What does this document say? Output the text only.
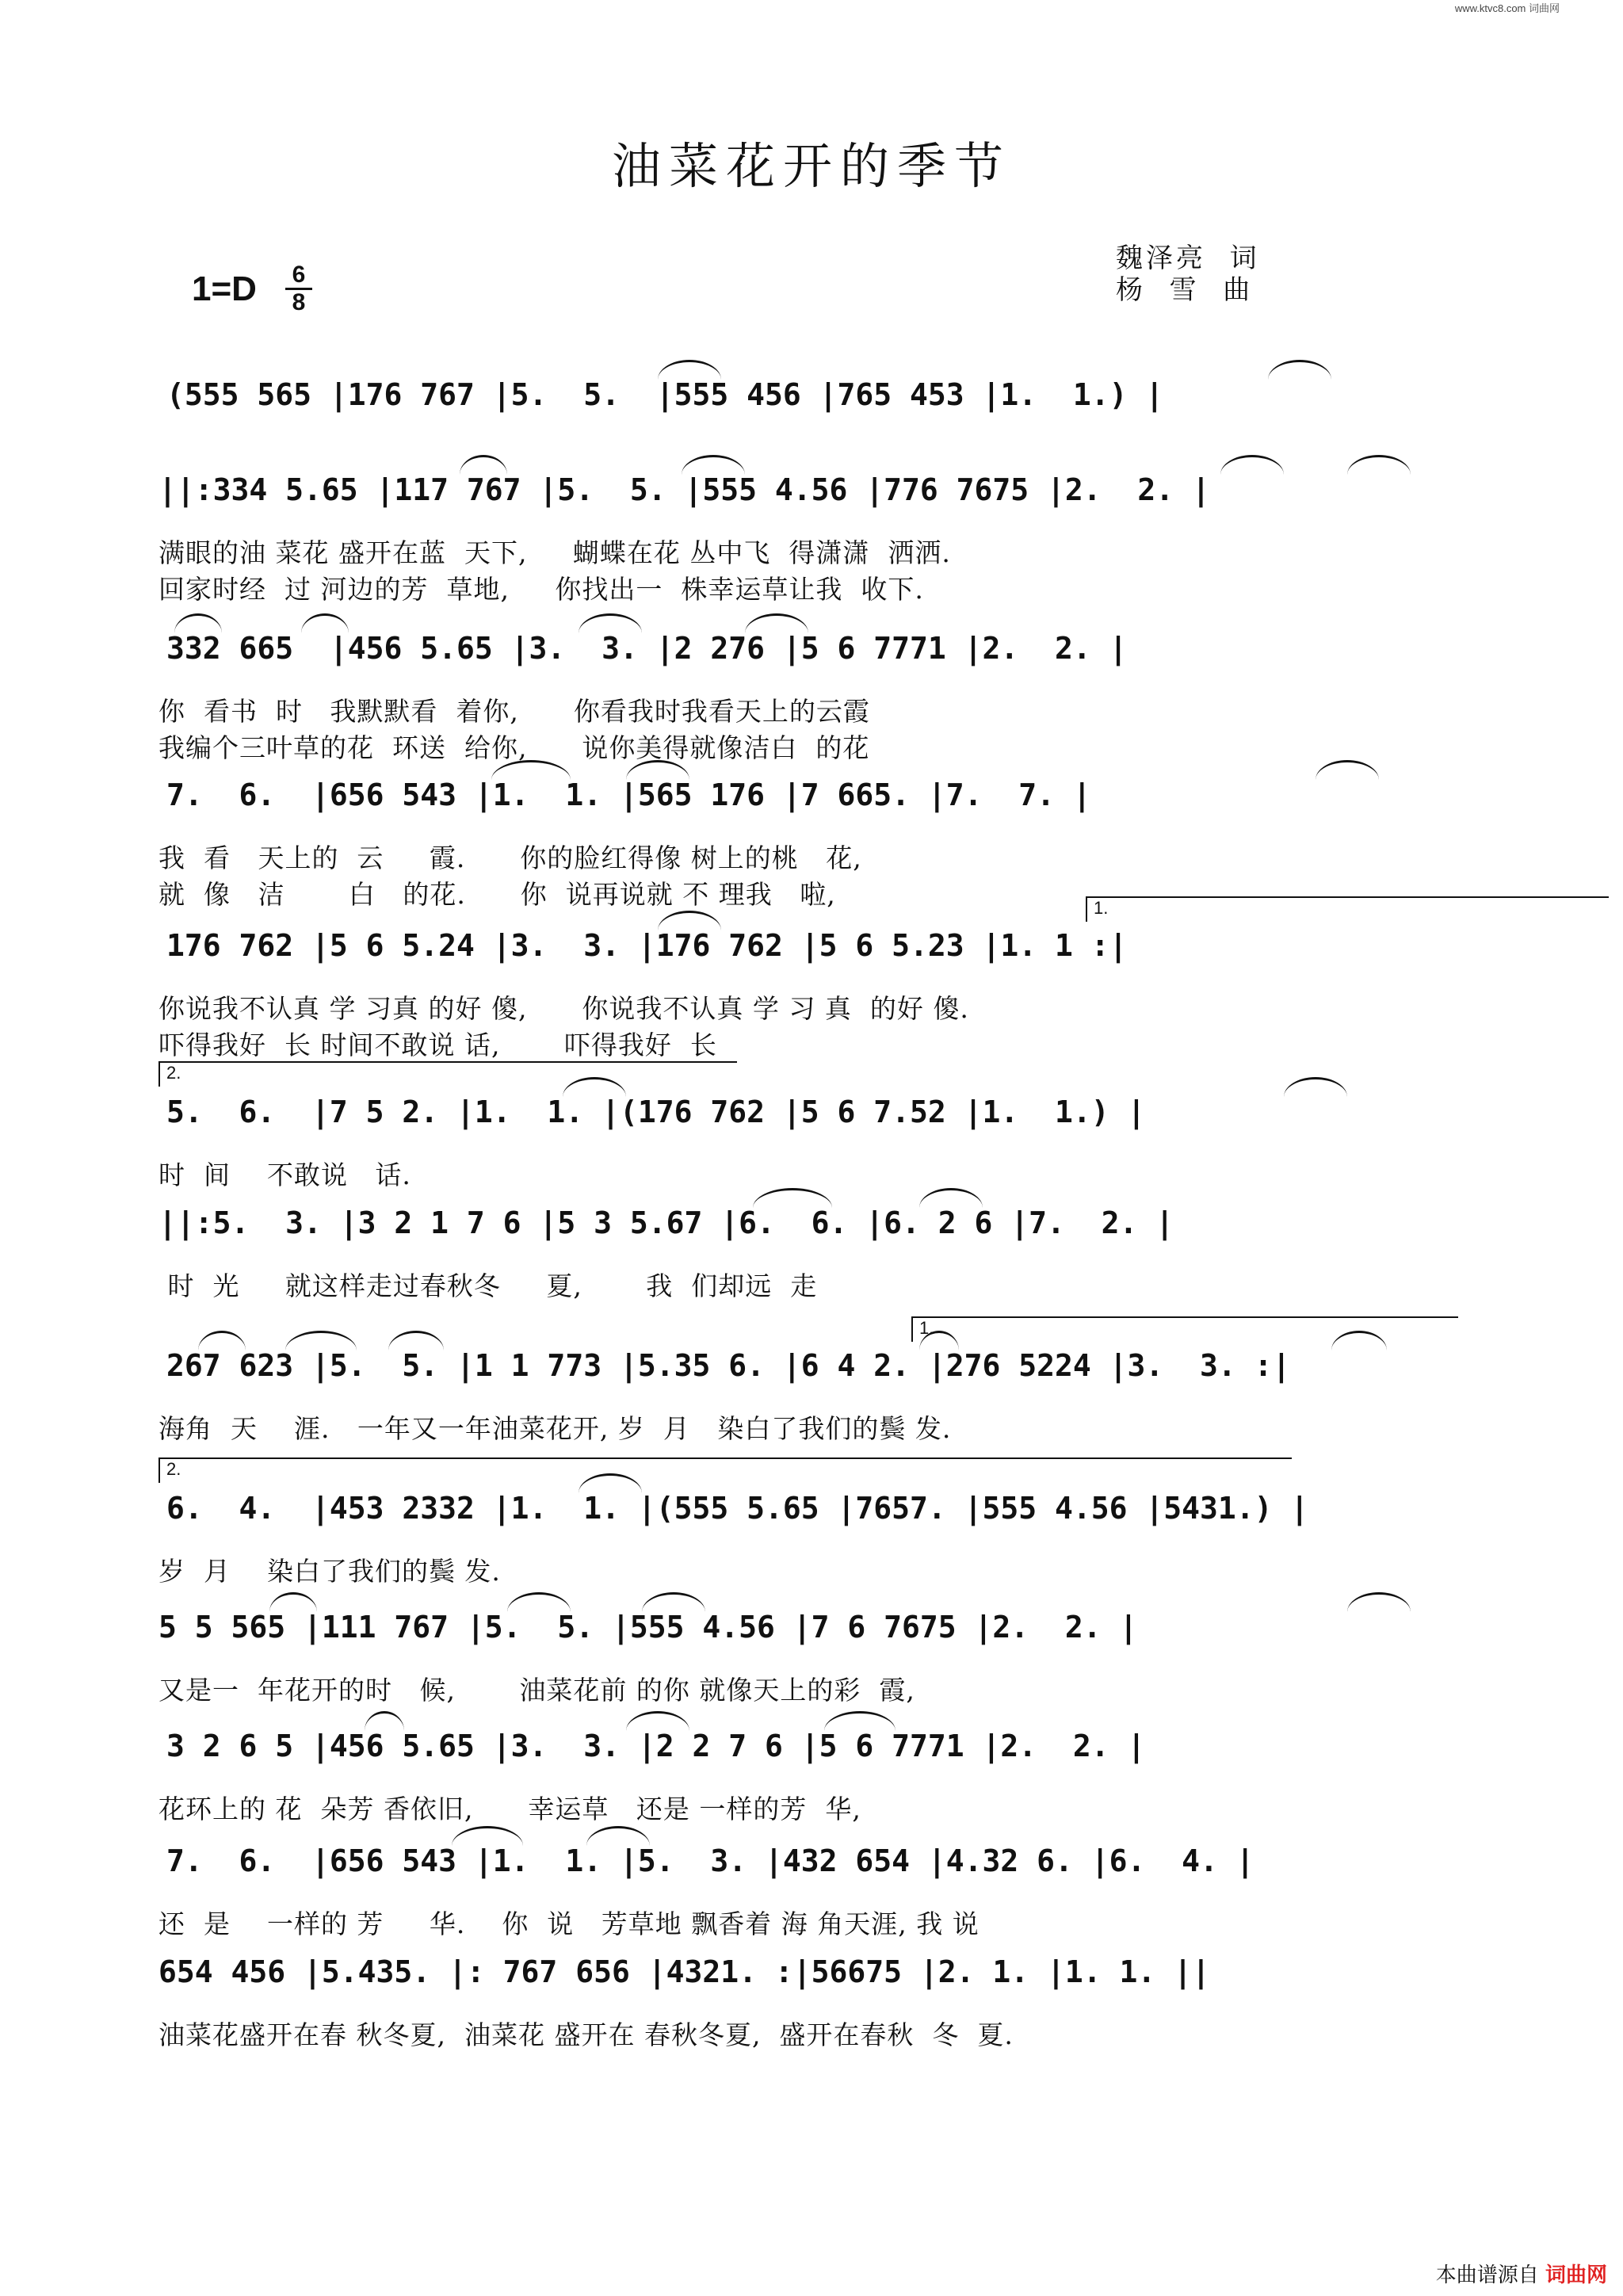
www.ktvc8.com 词曲网
油菜花开的季节
魏泽亮  词
杨  雪  曲
1=D 6
8
(555 565 |176 767 |5.  5.  |555 456 |765 453 |1.  1.) |
||:334 5.65 |117 767 |5.  5. |555 4.56 |776 7675 |2.  2. |
满眼的油 菜花 盛开在蓝  天下,     蝴蝶在花 丛中飞  得潇潇  洒洒.
回家时经  过 河边的芳  草地,     你找出一  株幸运草让我  收下.
332 665  |456 5.65 |3.  3. |2 276 |5 6 7771 |2.  2. |
你  看书  时   我默默看  着你,      你看我时我看天上的云霞
我编个三叶草的花  环送  给你,      说你美得就像洁白  的花
7.  6.  |656 543 |1.  1. |565 176 |7 665. |7.  7. |
我  看   天上的  云     霞.      你的脸红得像 树上的桃   花,
就  像   洁       白   的花.      你  说再说就 不 理我   啦,
176 762 |5 6 5.24 |3.  3. |176 762 |5 6 5.23 |1. 1 :|
1.
你说我不认真 学 习真 的好 傻,      你说我不认真 学 习 真  的好 傻.
吓得我好  长 时间不敢说 话,       吓得我好  长
2.
5.  6.  |7 5 2. |1.  1. |(176 762 |5 6 7.52 |1.  1.) |
时  间    不敢说   话.
||:5.  3. |3 2 1 7 6 |5 3 5.67 |6.  6. |6. 2 6 |7.  2. |
时  光     就这样走过春秋冬     夏,       我  们却远  走
267 623 |5.  5. |1 1 773 |5.35 6. |6 4 2. |276 5224 |3.  3. :|
1.
海角  天    涯.   一年又一年油菜花开, 岁  月   染白了我们的鬓 发.
2.
6.  4.  |453 2332 |1.  1. |(555 5.65 |7657. |555 4.56 |5431.) |
岁  月    染白了我们的鬓 发.
5 5 565 |111 767 |5.  5. |555 4.56 |7 6 7675 |2.  2. |
又是一  年花开的时   候,       油菜花前 的你 就像天上的彩  霞,
3 2 6 5 |456 5.65 |3.  3. |2 2 7 6 |5 6 7771 |2.  2. |
花环上的 花  朵芳 香依旧,      幸运草   还是 一样的芳  华,
7.  6.  |656 543 |1.  1. |5.  3. |432 654 |4.32 6. |6.  4. |
还  是    一样的 芳     华.    你  说   芳草地 飘香着 海 角天涯, 我 说
654 456 |5.435. |: 767 656 |4321. :|56675 |2. 1. |1. 1. ||
油菜花盛开在春 秋冬夏,  油菜花 盛开在 春秋冬夏,  盛开在春秋  冬  夏.
本曲谱源自 词曲网
